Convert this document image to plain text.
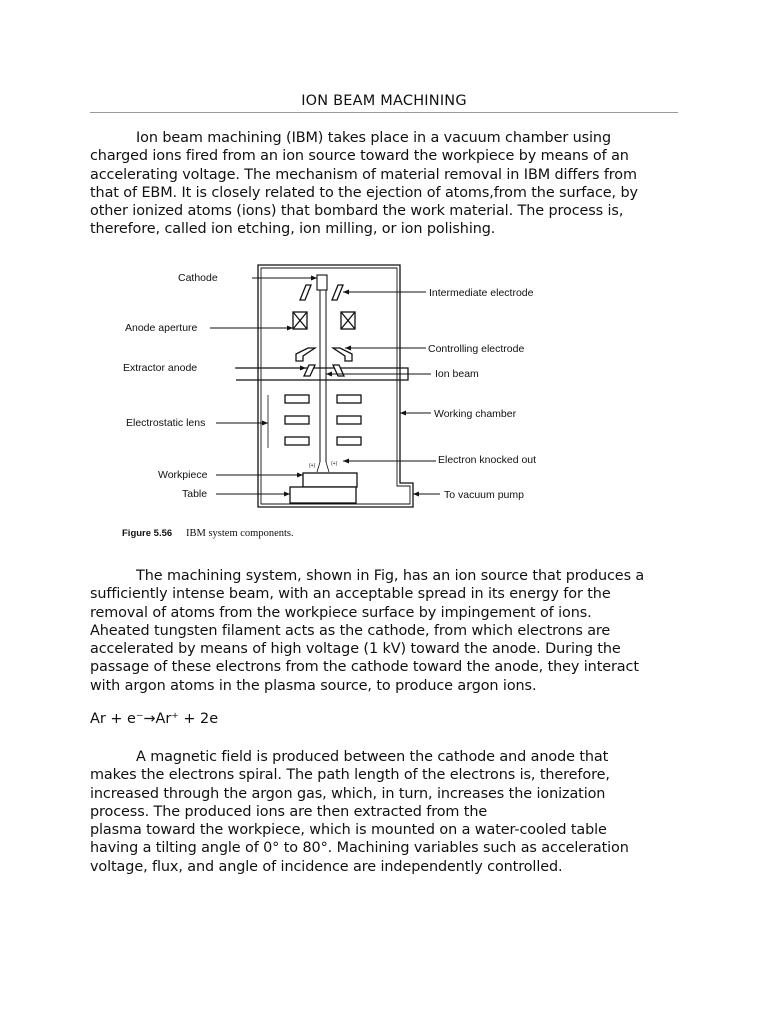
ION BEAM MACHINING
Ion beam machining (IBM) takes place in a vacuum chamber using
charged ions fired from an ion source toward the workpiece by means of an
accelerating voltage. The mechanism of material removal in IBM differs from
that of EBM. It is closely related to the ejection of atoms,from the surface, by
other ionized atoms (ions) that bombard the work material. The process is,
therefore, called ion etching, ion milling, or ion polishing.
(+)	(+)
Cathode
Anode aperture
Extractor anode
Electrostatic lens
Workpiece
Table
Intermediate electrode
Controlling electrode
Ion beam
Working chamber
Electron knocked out
To vacuum pump
Figure 5.56 IBM system components.
The machining system, shown in Fig, has an ion source that produces a
sufficiently intense beam, with an acceptable spread in its energy for the
removal of atoms from the workpiece surface by impingement of ions.
Aheated tungsten filament acts as the cathode, from which electrons are
accelerated by means of high voltage (1 kV) toward the anode. During the
passage of these electrons from the cathode toward the anode, they interact
with argon atoms in the plasma source, to produce argon ions.
Ar + e⁻→Ar⁺ + 2e
A magnetic field is produced between the cathode and anode that
makes the electrons spiral. The path length of the electrons is, therefore,
increased through the argon gas, which, in turn, increases the ionization
process. The produced ions are then extracted from the
plasma toward the workpiece, which is mounted on a water-cooled table
having a tilting angle of 0° to 80°. Machining variables such as acceleration
voltage, flux, and angle of incidence are independently controlled.
